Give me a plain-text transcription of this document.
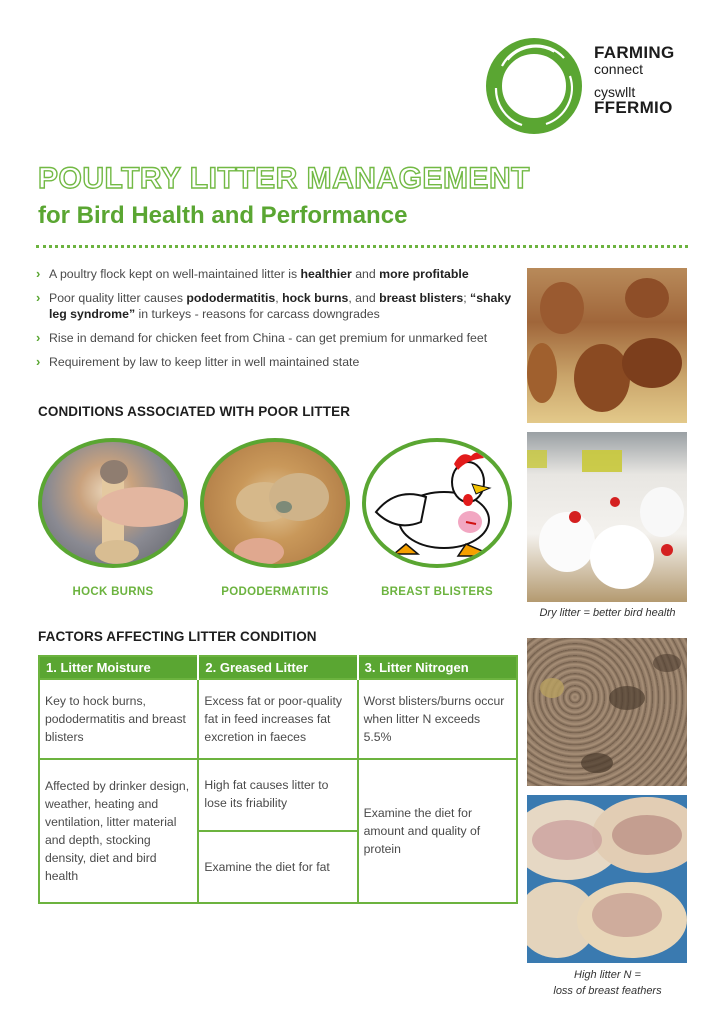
FARMING
connect
cyswllt
FFERMIO
POULTRY LITTER MANAGEMENT
for Bird Health and Performance
› A poultry flock kept on well-maintained litter is healthier and more profitable
› Poor quality litter causes pododermatitis, hock burns, and breast blisters; “shaky leg syndrome” in turkeys - reasons for carcass downgrades
› Rise in demand for chicken feet from China - can get premium for unmarked feet
› Requirement by law to keep litter in well maintained state
CONDITIONS ASSOCIATED WITH POOR LITTER
HOCK BURNS	PODODERMATITIS	BREAST BLISTERS
FACTORS AFFECTING LITTER CONDITION
1. Litter Moisture	2. Greased Litter	3. Litter Nitrogen
Key to hock burns, pododermatitis and breast blisters	Excess fat or poor-quality fat in feed increases fat excretion in faeces	Worst blisters/burns occur when litter N exceeds 5.5%
Affected by drinker design, weather, heating and ventilation, litter material and depth, stocking density, diet and bird health	High fat causes litter to lose its friability	Examine the diet for amount and quality of protein
	Examine the diet for fat	
Dry litter = better bird health
High litter N =
loss of breast feathers
